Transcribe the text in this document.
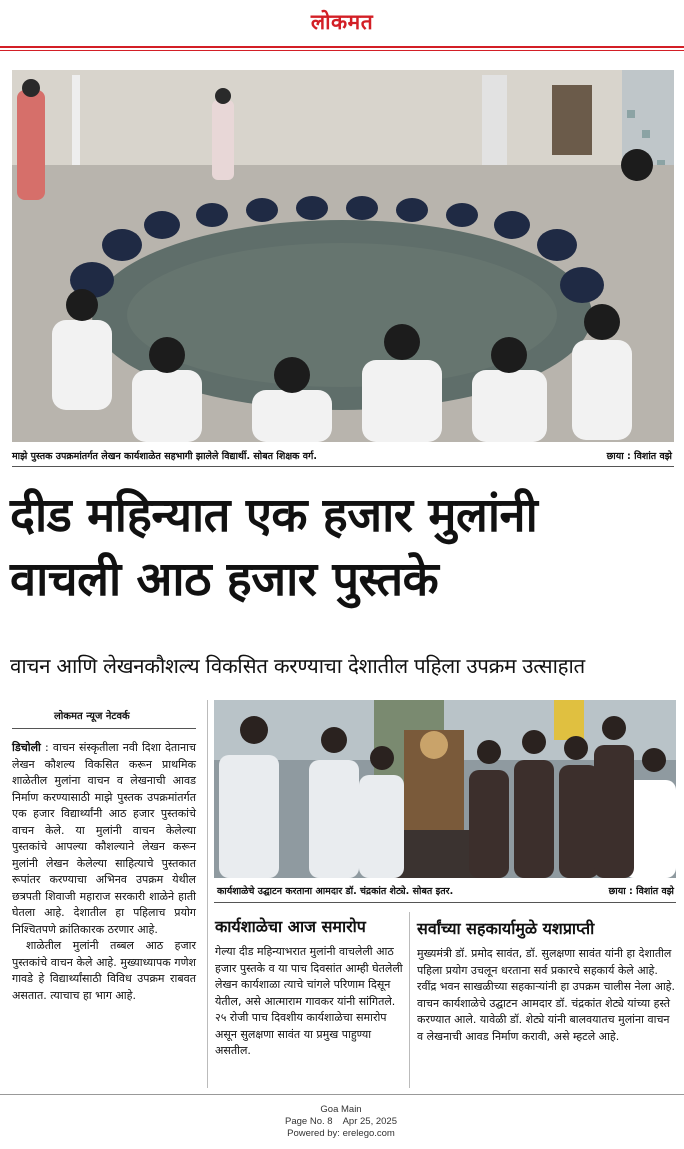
लोकमत
माझे पुस्तक उपक्रमांतर्गत लेखन कार्यशाळेत सहभागी झालेले विद्यार्थी. सोबत शिक्षक वर्ग.	छाया : विशांत वझे
दीड महिन्यात एक हजार मुलांनी
वाचली आठ हजार पुस्तके
वाचन आणि लेखनकौशल्य विकसित करण्याचा देशातील पहिला उपक्रम उत्साहात
लोकमत न्यूज नेटवर्क

डिचोली : वाचन संस्कृतीला नवी दिशा देतानाच लेखन कौशल्य विकसित करून प्राथमिक शाळेतील मुलांना वाचन व लेखनाची आवड निर्माण करण्यासाठी माझे पुस्तक उपक्रमांतर्गत एक हजार विद्यार्थ्यांनी आठ हजार पुस्तकांचे वाचन केले. या मुलांनी वाचन केलेल्या पुस्तकांचे आपल्या कौशल्याने लेखन करून मुलांनी लेखन केलेल्या साहित्याचे पुस्तकात रूपांतर करण्याचा अभिनव उपक्रम येथील छत्रपती शिवाजी महाराज सरकारी शाळेने हाती घेतला आहे. देशातील हा पहिलाच प्रयोग निश्चितपणे क्रांतिकारक ठरणार आहे.

शाळेतील मुलांनी तब्बल आठ हजार पुस्तकांचे वाचन केले आहे. मुख्याध्यापक गणेश गावडे हे विद्यार्थ्यांसाठी विविध उपक्रम राबवत असतात. त्याचाच हा भाग आहे.

कार्यशाळेचे उद्घाटन करताना आमदार डॉ. चंद्रकांत शेट्ये. सोबत इतर.	छाया : विशांत वझे
कार्यशाळेचा आज समारोप
गेल्या दीड महिन्याभरात मुलांनी वाचलेली आठ हजार पुस्तके व या पाच दिवसांत आम्ही घेतलेली लेखन कार्यशाळा त्याचे चांगले परिणाम दिसून येतील, असे आत्माराम गावकर यांनी सांगितले. २५ रोजी पाच दिवशीय कार्यशाळेचा समारोप असून सुलक्षणा सावंत या प्रमुख पाहुण्या असतील.
सर्वांच्या सहकार्यामुळे यशप्राप्ती
मुख्यमंत्री डॉ. प्रमोद सावंत, डॉ. सुलक्षणा सावंत यांनी हा देशातील पहिला प्रयोग उचलून धरताना सर्व प्रकारचे सहकार्य केले आहे. रवींद्र भवन साखळीच्या सहकाऱ्यांनी हा उपक्रम चालीस नेला आहे. वाचन कार्यशाळेचे उद्घाटन आमदार डॉ. चंद्रकांत शेट्ये यांच्या हस्ते करण्यात आले. यावेळी डॉ. शेट्ये यांनी बालवयातच मुलांना वाचन व लेखनाची आवड निर्माण करावी, असे म्हटले आहे.
Goa Main
Page No. 8    Apr 25, 2025
Powered by: erelego.com
